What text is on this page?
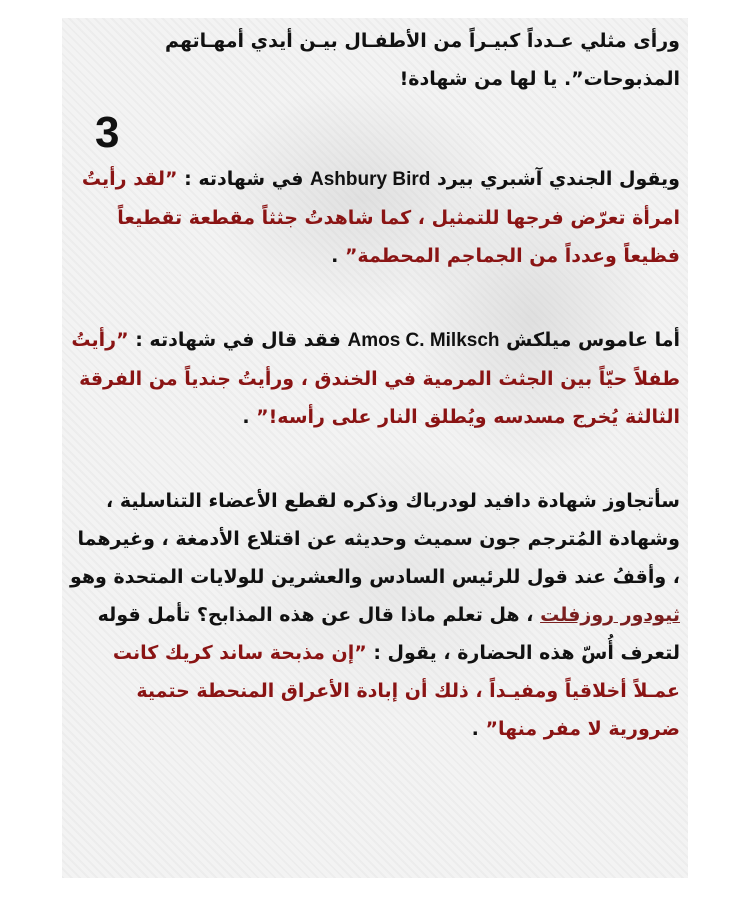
3

ورأى مثلي عـدداً كبيـراً من الأطفـال بيـن أيدي أمهـاتهم
المذبوحات”. يا لها من شهادة!

ويقول الجندي آشبري بيرد Ashbury Bird في شهادته : ”لقد رأيتُ امرأة تعرّض فرجها للتمثيل ، كما شاهدتُ جثثاً مقطعة تقطيعاً فظيعاً وعدداً من الجماجم المحطمة” .

أما عاموس ميلكش Amos C. Milksch فقد قال في شهادته : ”رأيتُ طفلاً حيّاً بين الجثث المرمية في الخندق ، ورأيتُ جندياً من الفرقة الثالثة يُخرج مسدسه ويُطلق النار على رأسه!” .

سأتجاوز شهادة دافيد لودرباك وذكره لقطع الأعضاء التناسلية ، وشهادة المُترجم جون سميث وحديثه عن اقتلاع الأدمغة ، وغيرهما ، وأقفُ عند قول للرئيس السادس والعشرين للولايات المتحدة وهو ثيودور روزفلت ، هل تعلم ماذا قال عن هذه المذابح؟ تأمل قوله لتعرف أُسّ هذه الحضارة ، يقول : ”إن مذبحة ساند كريك كانت عمـلاً أخلاقياً ومفيـداً ، ذلك أن إبادة الأعراق المنحطة حتمية ضرورية لا مفر منها” .
